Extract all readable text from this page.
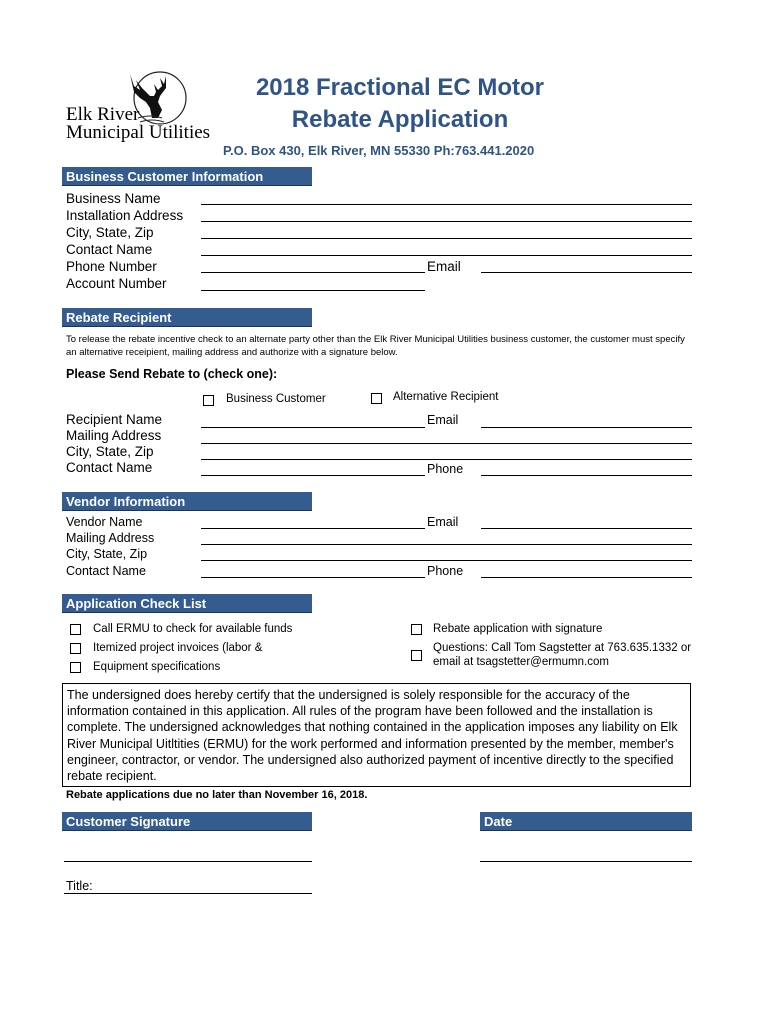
Elk River
Municipal Utilities
2018 Fractional EC Motor
Rebate Application
P.O. Box 430, Elk River, MN 55330 Ph:763.441.2020
Business Customer Information
Business Name
Installation Address
City, State, Zip
Contact Name
Phone Number	Email
Account Number
Rebate Recipient
To release the rebate incentive check to an alternate party other than the Elk River Municipal Utilities business customer, the customer must specify an alternative receipient, mailing address and authorize with a signature below.
Please Send Rebate to (check one):
Business Customer	Alternative Recipient
Recipient Name	Email
Mailing Address
City, State, Zip
Contact Name	Phone
Vendor Information
Vendor Name	Email
Mailing Address
City, State, Zip
Contact Name	Phone
Application Check List
Call ERMU to check for available funds
Itemized project invoices (labor &
Equipment specifications
Rebate application with signature
Questions: Call Tom Sagstetter at 763.635.1332 or
email at tsagstetter@ermumn.com
The undersigned does hereby certify that the undersigned is solely responsible for the accuracy of the information contained in this application. All rules of the program have been followed and the installation is complete. The undersigned acknowledges that nothing contained in the application imposes any liability on Elk River Municipal Uitltities (ERMU) for the work performed and information presented by the member, member's engineer, contractor, or vendor. The undersigned also authorized payment of incentive directly to the specified rebate recipient.
Rebate applications due no later than November 16, 2018.
Customer Signature	Date
Title:
